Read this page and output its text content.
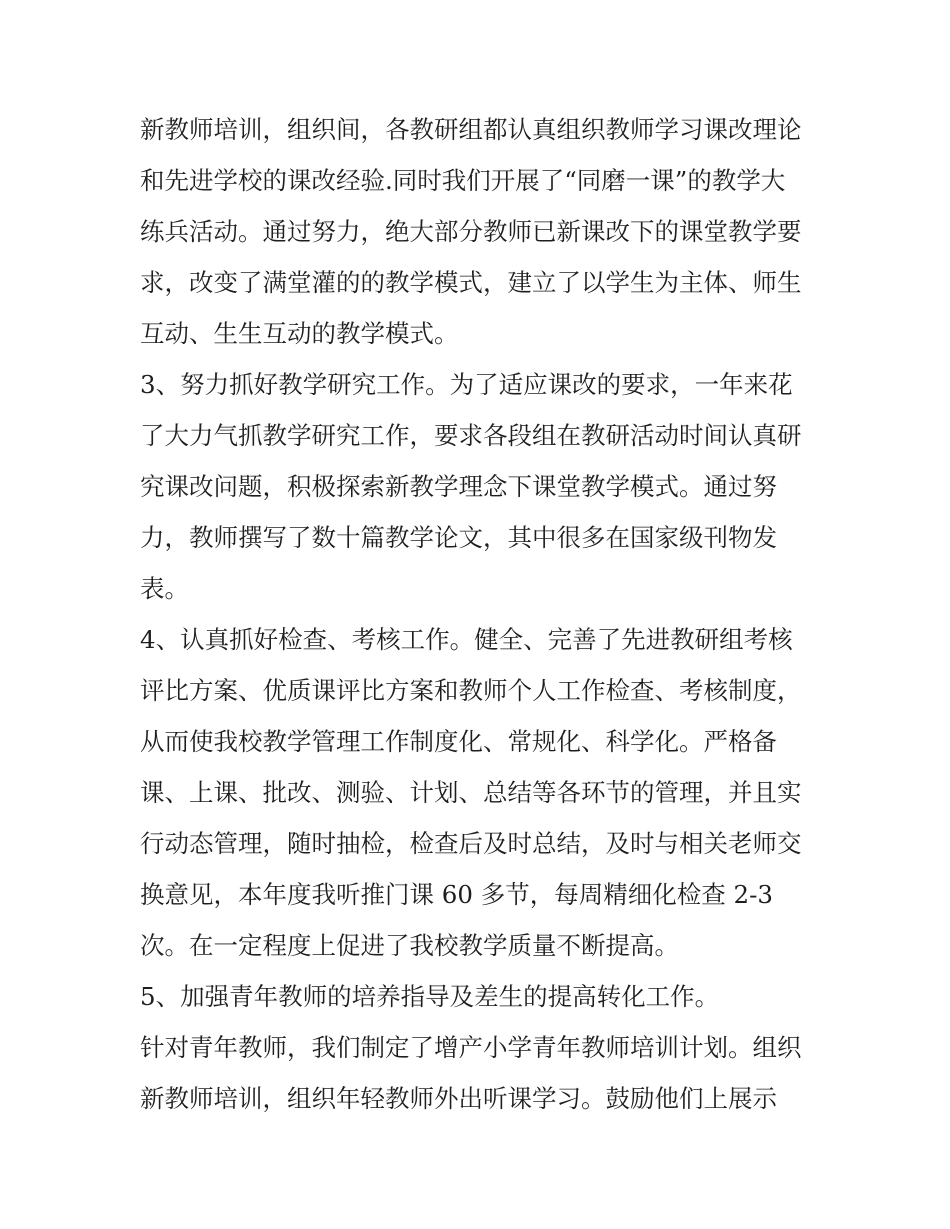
新教师培训，组织间，各教研组都认真组织教师学习课改理论
和先进学校的课改经验.同时我们开展了“同磨一课”的教学大
练兵活动。通过努力，绝大部分教师已新课改下的课堂教学要
求，改变了满堂灌的的教学模式，建立了以学生为主体、师生
互动、生生互动的教学模式。
3、努力抓好教学研究工作。为了适应课改的要求，一年来花
了大力气抓教学研究工作，要求各段组在教研活动时间认真研
究课改问题，积极探索新教学理念下课堂教学模式。通过努
力，教师撰写了数十篇教学论文，其中很多在国家级刊物发
表。
4、认真抓好检查、考核工作。健全、完善了先进教研组考核
评比方案、优质课评比方案和教师个人工作检查、考核制度，
从而使我校教学管理工作制度化、常规化、科学化。严格备
课、上课、批改、测验、计划、总结等各环节的管理，并且实
行动态管理，随时抽检，检查后及时总结，及时与相关老师交
换意见，本年度我听推门课 60 多节，每周精细化检查 2-3
次。在一定程度上促进了我校教学质量不断提高。
5、加强青年教师的培养指导及差生的提高转化工作。
针对青年教师，我们制定了增产小学青年教师培训计划。组织
新教师培训，组织年轻教师外出听课学习。鼓励他们上展示
